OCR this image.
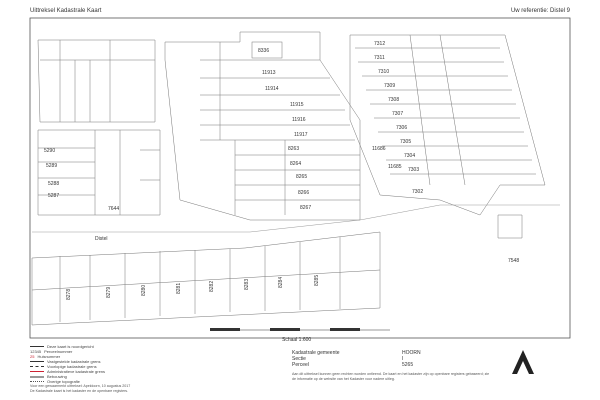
8336
11913
11914
11915
11916
11917
8263
8264
8265
8266
8267
7312
7311
7310
7309
7308
7307
7306
7305
7304
7303
7302
5290
5289
5288
5287
7644
8278	8279	8280	8281	8282	8283	8284	8285
Distel
11686
11685
7548
Uittreksel Kadastrale Kaart	Uw referentie: Distel 9
Schaal 1:600
Deze kaart is noordgericht
12345 Perceelnummer
25 Huisnummer
Vastgestelde kadastrale grens
Voorlopige kadastrale grens
Administratieve kadastrale grens
Bebouwing
Overige topografie
Kadastrale gemeente	HOORN
Sectie	I
Perceel	5265
Aan dit uittreksel kunnen geen rechten worden ontleend. De kaart en het kadaster zijn op openbare registers gebaseerd; zie de informatie op de website van het Kadaster voor nadere uitleg.
Voor een gewaarmerkt uittreksel: Apeldoorn, 10 augustus 2017
De Kadastrale kaart is het kadaster en de openbare registers.
